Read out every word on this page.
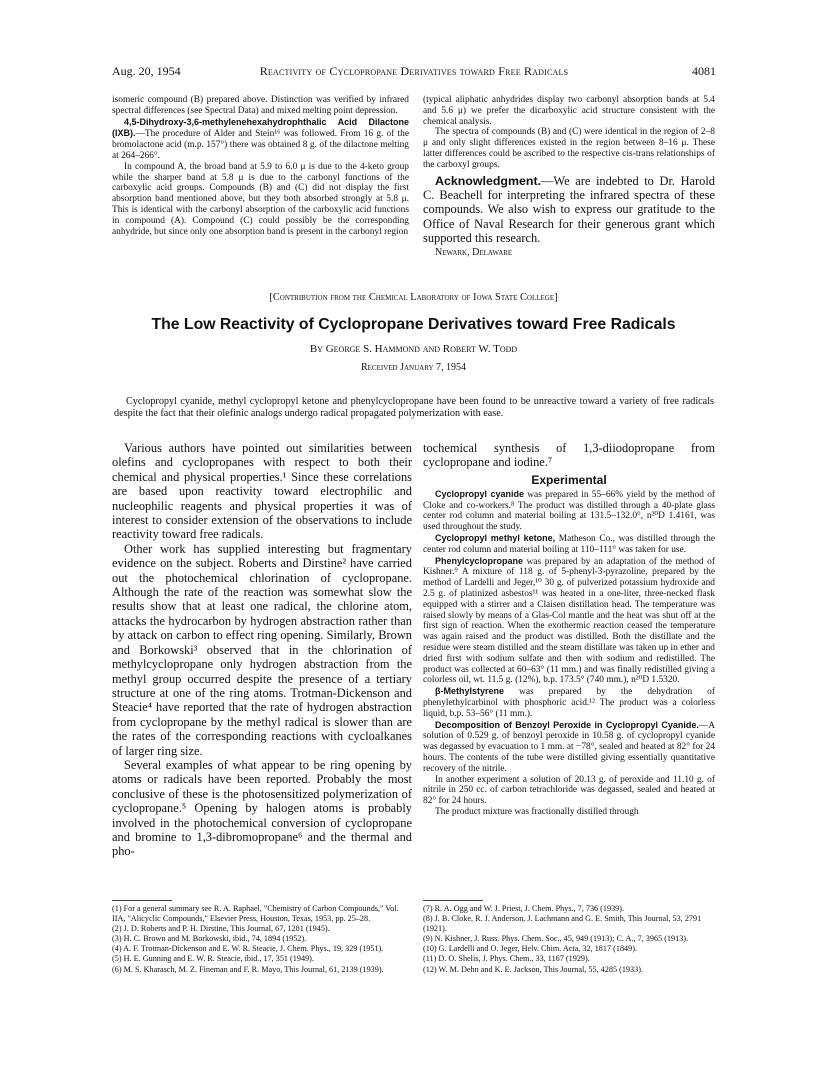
Aug. 20, 1954	Reactivity of Cyclopropane Derivatives toward Free Radicals	4081

isomeric compound (B) prepared above. Distinction was verified by infrared spectral differences (see Spectral Data) and mixed melting point depression.

4,5-Dihydroxy-3,6-methylenehexahydrophthalic Acid Dilactone (IXB).—The procedure of Alder and Stein¹⁶ was followed. From 16 g. of the bromolactone acid (m.p. 157°) there was obtained 8 g. of the dilactone melting at 264–266°.

In compound A, the broad band at 5.9 to 6.0 μ is due to the 4-keto group while the sharper band at 5.8 μ is due to the carbonyl functions of the carboxylic acid groups. Compounds (B) and (C) did not display the first absorption band mentioned above, but they both absorbed strongly at 5.8 μ. This is identical with the carbonyl absorption of the carboxylic acid functions in compound (A). Compound (C) could possibly be the corresponding anhydride, but since only one absorption band is present in the carbonyl region

(typical aliphatic anhydrides display two carbonyl absorption bands at 5.4 and 5.6 μ) we prefer the dicarboxylic acid structure consistent with the chemical analysis.

The spectra of compounds (B) and (C) were identical in the region of 2–8 μ and only slight differences existed in the region between 8–16 μ. These latter differences could be ascribed to the respective cis-trans relationships of the carboxyl groups.

Acknowledgment.—We are indebted to Dr. Harold C. Beachell for interpreting the infrared spectra of these compounds. We also wish to express our gratitude to the Office of Naval Research for their generous grant which supported this research.

Newark, Delaware

[Contribution from the Chemical Laboratory of Iowa State College]
The Low Reactivity of Cyclopropane Derivatives toward Free Radicals
By George S. Hammond and Robert W. Todd
Received January 7, 1954
Cyclopropyl cyanide, methyl cyclopropyl ketone and phenylcyclopropane have been found to be unreactive toward a variety of free radicals despite the fact that their olefinic analogs undergo radical propagated polymerization with ease.

Various authors have pointed out similarities between olefins and cyclopropanes with respect to both their chemical and physical properties.¹ Since these correlations are based upon reactivity toward electrophilic and nucleophilic reagents and physical properties it was of interest to consider extension of the observations to include reactivity toward free radicals.

Other work has supplied interesting but fragmentary evidence on the subject. Roberts and Dirstine² have carried out the photochemical chlorination of cyclopropane. Although the rate of the reaction was somewhat slow the results show that at least one radical, the chlorine atom, attacks the hydrocarbon by hydrogen abstraction rather than by attack on carbon to effect ring opening. Similarly, Brown and Borkowski³ observed that in the chlorination of methylcyclopropane only hydrogen abstraction from the methyl group occurred despite the presence of a tertiary structure at one of the ring atoms. Trotman-Dickenson and Steacie⁴ have reported that the rate of hydrogen abstraction from cyclopropane by the methyl radical is slower than are the rates of the corresponding reactions with cycloalkanes of larger ring size.

Several examples of what appear to be ring opening by atoms or radicals have been reported. Probably the most conclusive of these is the photosensitized polymerization of cyclopropane.⁵ Opening by halogen atoms is probably involved in the photochemical conversion of cyclopropane and bromine to 1,3-dibromopropane⁶ and the thermal and pho-

(1) For a general summary see R. A. Raphael, "Chemistry of Carbon Compounds," Vol. IIA, "Alicyclic Compounds," Elsevier Press, Houston, Texas, 1953, pp. 25–28.

(2) J. D. Roberts and P. H. Dirstine, This Journal, 67, 1281 (1945).

(3) H. C. Brown and M. Borkowski, ibid., 74, 1894 (1952).

(4) A. F. Trotman-Dickenson and E. W. R. Steacie, J. Chem. Phys., 19, 329 (1951).

(5) H. E. Gunning and E. W. R. Steacie, ibid., 17, 351 (1949).

(6) M. S. Kharasch, M. Z. Fineman and F. R. Mayo, This Journal, 61, 2139 (1939).

tochemical synthesis of 1,3-diiodopropane from cyclopropane and iodine.⁷

Experimental

Cyclopropyl cyanide was prepared in 55–66% yield by the method of Cloke and co-workers.⁸ The product was distilled through a 40-plate glass center rod column and material boiling at 131.5–132.0°, n²⁰D 1.4161, was used throughout the study.

Cyclopropyl methyl ketone, Matheson Co., was distilled through the center rod column and material boiling at 110–111° was taken for use.

Phenylcyclopropane was prepared by an adaptation of the method of Kishner.⁹ A mixture of 118 g. of 5-phenyl-3-pyrazoline, prepared by the method of Lardelli and Jeger,¹⁰ 30 g. of pulverized potassium hydroxide and 2.5 g. of platinized asbestos¹¹ was heated in a one-liter, three-necked flask equipped with a stirrer and a Claisen distillation head. The temperature was raised slowly by means of a Glas-Col mantle and the heat was shut off at the first sign of reaction. When the exothermic reaction ceased the temperature was again raised and the product was distilled. Both the distillate and the residue were steam distilled and the steam distillate was taken up in ether and dried first with sodium sulfate and then with sodium and redistilled. The product was collected at 60–63° (11 mm.) and was finally redistilled giving a colorless oil, wt. 11.5 g. (12%), b.p. 173.5° (740 mm.), n²⁰D 1.5320.

β-Methylstyrene was prepared by the dehydration of phenylethylcarbinol with phosphoric acid.¹² The product was a colorless liquid, b.p. 53–56° (11 mm.).

Decomposition of Benzoyl Peroxide in Cyclopropyl Cyanide.—A solution of 0.529 g. of benzoyl peroxide in 10.58 g. of cyclopropyl cyanide was degassed by evacuation to 1 mm. at −78°, sealed and heated at 82° for 24 hours. The contents of the tube were distilled giving essentially quantitative recovery of the nitrile.

In another experiment a solution of 20.13 g. of peroxide and 11.10 g. of nitrile in 250 cc. of carbon tetrachloride was degassed, sealed and heated at 82° for 24 hours.

The product mixture was fractionally distilled through

(7) R. A. Ogg and W. J. Priest, J. Chem. Phys., 7, 736 (1939).

(8) J. B. Cloke, R. J. Anderson, J. Lachmann and G. E. Smith, This Journal, 53, 2791 (1921).

(9) N. Kishner, J. Russ. Phys. Chem. Soc., 45, 949 (1913); C. A., 7, 3965 (1913).

(10) G. Lardelli and O. Jeger, Helv. Chim. Acta, 32, 1817 (1849).

(11) D. O. Shelis, J. Phys. Chem., 33, 1167 (1929).

(12) W. M. Dehn and K. E. Jackson, This Journal, 55, 4285 (1933).
